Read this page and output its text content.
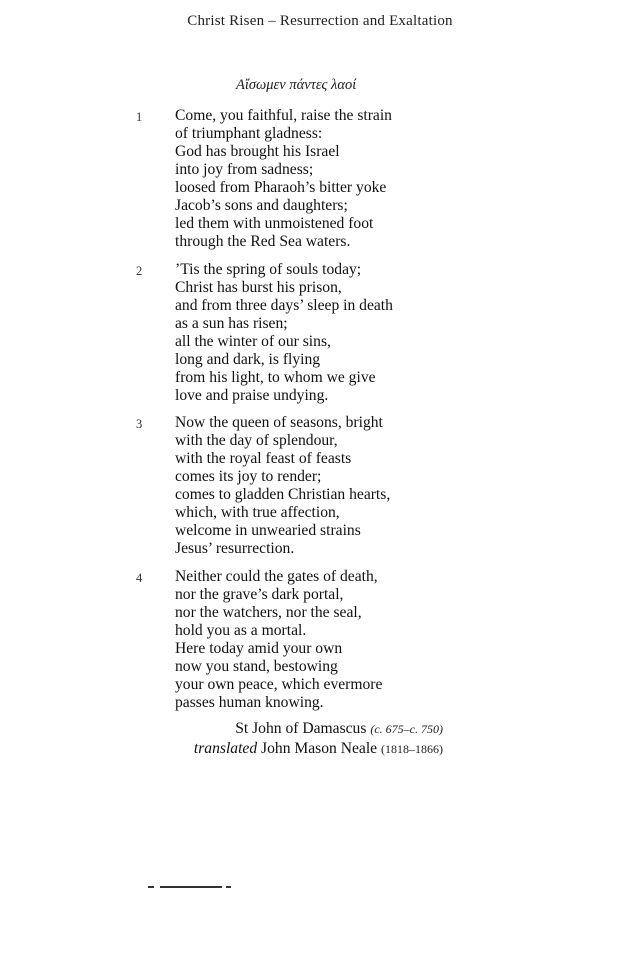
Christ Risen – Resurrection and Exaltation
Αἴσωμεν πάντες λαοί
1 Come, you faithful, raise the strain
of triumphant gladness:
God has brought his Israel
into joy from sadness;
loosed from Pharaoh’s bitter yoke
Jacob’s sons and daughters;
led them with unmoistened foot
through the Red Sea waters.
2 ’Tis the spring of souls today;
Christ has burst his prison,
and from three days’ sleep in death
as a sun has risen;
all the winter of our sins,
long and dark, is flying
from his light, to whom we give
love and praise undying.
3 Now the queen of seasons, bright
with the day of splendour,
with the royal feast of feasts
comes its joy to render;
comes to gladden Christian hearts,
which, with true affection,
welcome in unwearied strains
Jesus’ resurrection.
4 Neither could the gates of death,
nor the grave’s dark portal,
nor the watchers, nor the seal,
hold you as a mortal.
Here today amid your own
now you stand, bestowing
your own peace, which evermore
passes human knowing.
St John of Damascus (c. 675–c. 750)
translated John Mason Neale (1818–1866)
